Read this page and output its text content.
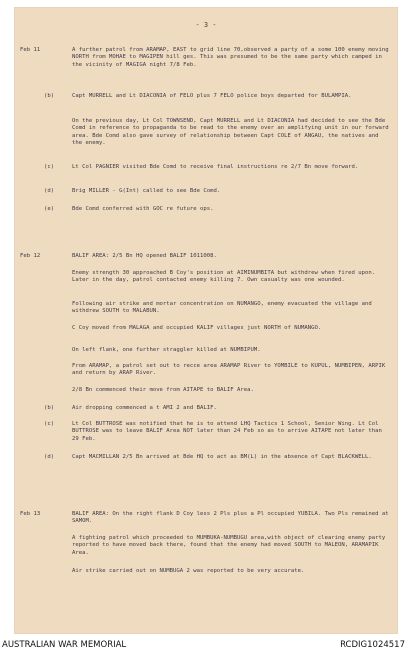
- 3 -
Feb 11	A further patrol from ARAMAP, EAST to grid line 70,observed a party of a some 100 enemy moving NORTH from MOHAE to MAGIPEN hill ges. This was presumed to be the same party which camped in the vicinity of MAGIGA night 7/8 Feb.
(b)	Capt MURRELL and Lt DIACONIA of FELO plus 7 FELO police boys departed for BULAMPIA.
On the previous day, Lt Col TOWNSEND, Capt MURRELL and Lt DIACONIA had decided to see the Bde Comd in reference to propaganda to be read to the enemy over an amplifying unit in our forward area. Bde Comd also gave survey of relationship between Capt COLE of ANGAU, the natives and the enemy.
(c)	Lt Col PAGNIER visited Bde Comd to receive final instructions re 2/7 Bn move forward.
(d)	Brig MILLER - G(Int) called to see Bde Comd.
(e)	Bde Comd conferred with GOC re future ops.
Feb 12	BALIF AREA: 2/5 Bn HQ opened BALIF 1011008.
Enemy strength 30 approached B Coy's position at AIMINUMBITA but withdrew when fired upon. Later in the day, patrol contacted enemy killing 7. Own casualty was one wounded.
Following air strike and mortar concentration on NUMANGO, enemy evacuated the village and withdrew SOUTH to MALABUN.
C Coy moved from MALAGA and occupied KALIF villages just NORTH of NUMANGO.
On left flank, one further straggler killed at NUMBIPUM.
From ARAMAP, a patrol set out to recce area ARAMAP River to YOMBILE to KUPUL, NUMBIPEN, ARPIK and return by ARAP River.
2/8 Bn commenced their move from AITAPE to BALIF Area.
(b)	Air dropping commenced a t AMI 2 and BALIF.
(c)	Lt Col BUTTROSE was notified that he is to attend LHQ Tactics 1 School, Senior Wing. Lt Col BUTTROSE was to leave BALIF Area NOT later than 24 Feb so as to arrive AITAPE not later than 29 Feb.
(d)	Capt MACMILLAN 2/5 Bn arrived at Bde HQ to act as BM(L) in the absence of Capt BLACKWELL.
Feb 13	BALIF AREA: On the right flank D Coy less 2 Pls plus a Pl occupied YUBILA. Two Pls remained at SAMOM.
A fighting patrol which proceeded to MUMBUKA-NUMBUGU area,with object of clearing enemy party reported to have moved back there, found that the enemy had moved SOUTH to MALEON, ARAMAPIK Area.
Air strike carried out on NUMBUGA 2 was reported to be very accurate.
AUSTRALIAN WAR MEMORIAL	RCDIG1024517
